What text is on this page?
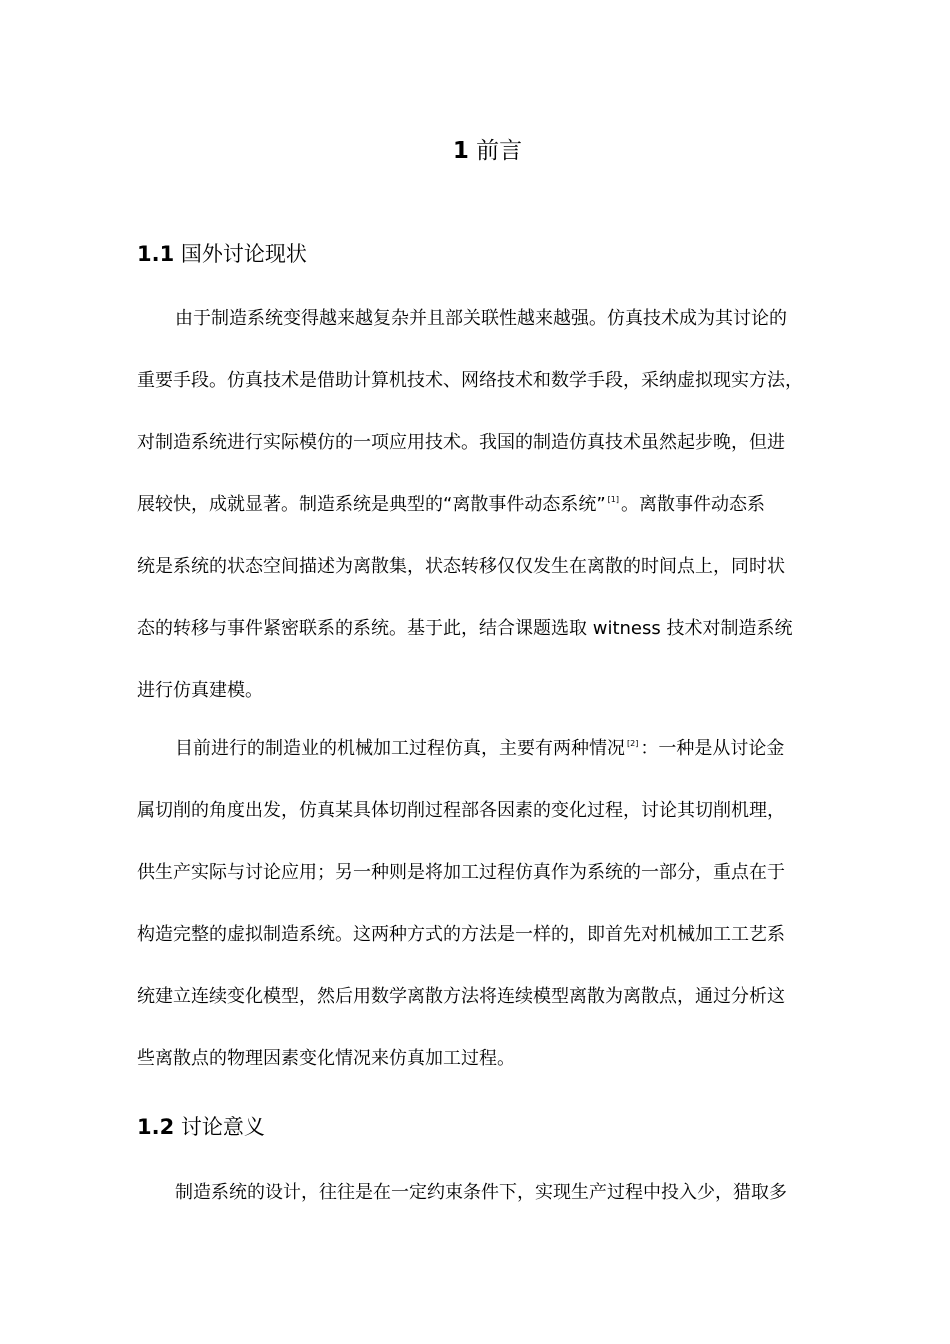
1 前言
1.1 国外讨论现状
由于制造系统变得越来越复杂并且部关联性越来越强。仿真技术成为其讨论的
重要手段。仿真技术是借助计算机技术、网络技术和数学手段，采纳虚拟现实方法，
对制造系统进行实际模仿的一项应用技术。我国的制造仿真技术虽然起步晚，但进
展较快，成就显著。制造系统是典型的“离散事件动态系统” [1] 。离散事件动态系
统是系统的状态空间描述为离散集，状态转移仅仅发生在离散的时间点上，同时状
态的转移与事件紧密联系的系统。基于此，结合课题选取 witness 技术对制造系统
进行仿真建模。
目前进行的制造业的机械加工过程仿真，主要有两种情况 [2] ：一种是从讨论金
属切削的角度出发，仿真某具体切削过程部各因素的变化过程，讨论其切削机理，
供生产实际与讨论应用；另一种则是将加工过程仿真作为系统的一部分，重点在于
构造完整的虚拟制造系统。这两种方式的方法是一样的，即首先对机械加工工艺系
统建立连续变化模型，然后用数学离散方法将连续模型离散为离散点，通过分析这
些离散点的物理因素变化情况来仿真加工过程。
1.2 讨论意义
制造系统的设计，往往是在一定约束条件下，实现生产过程中投入少，猎取多
